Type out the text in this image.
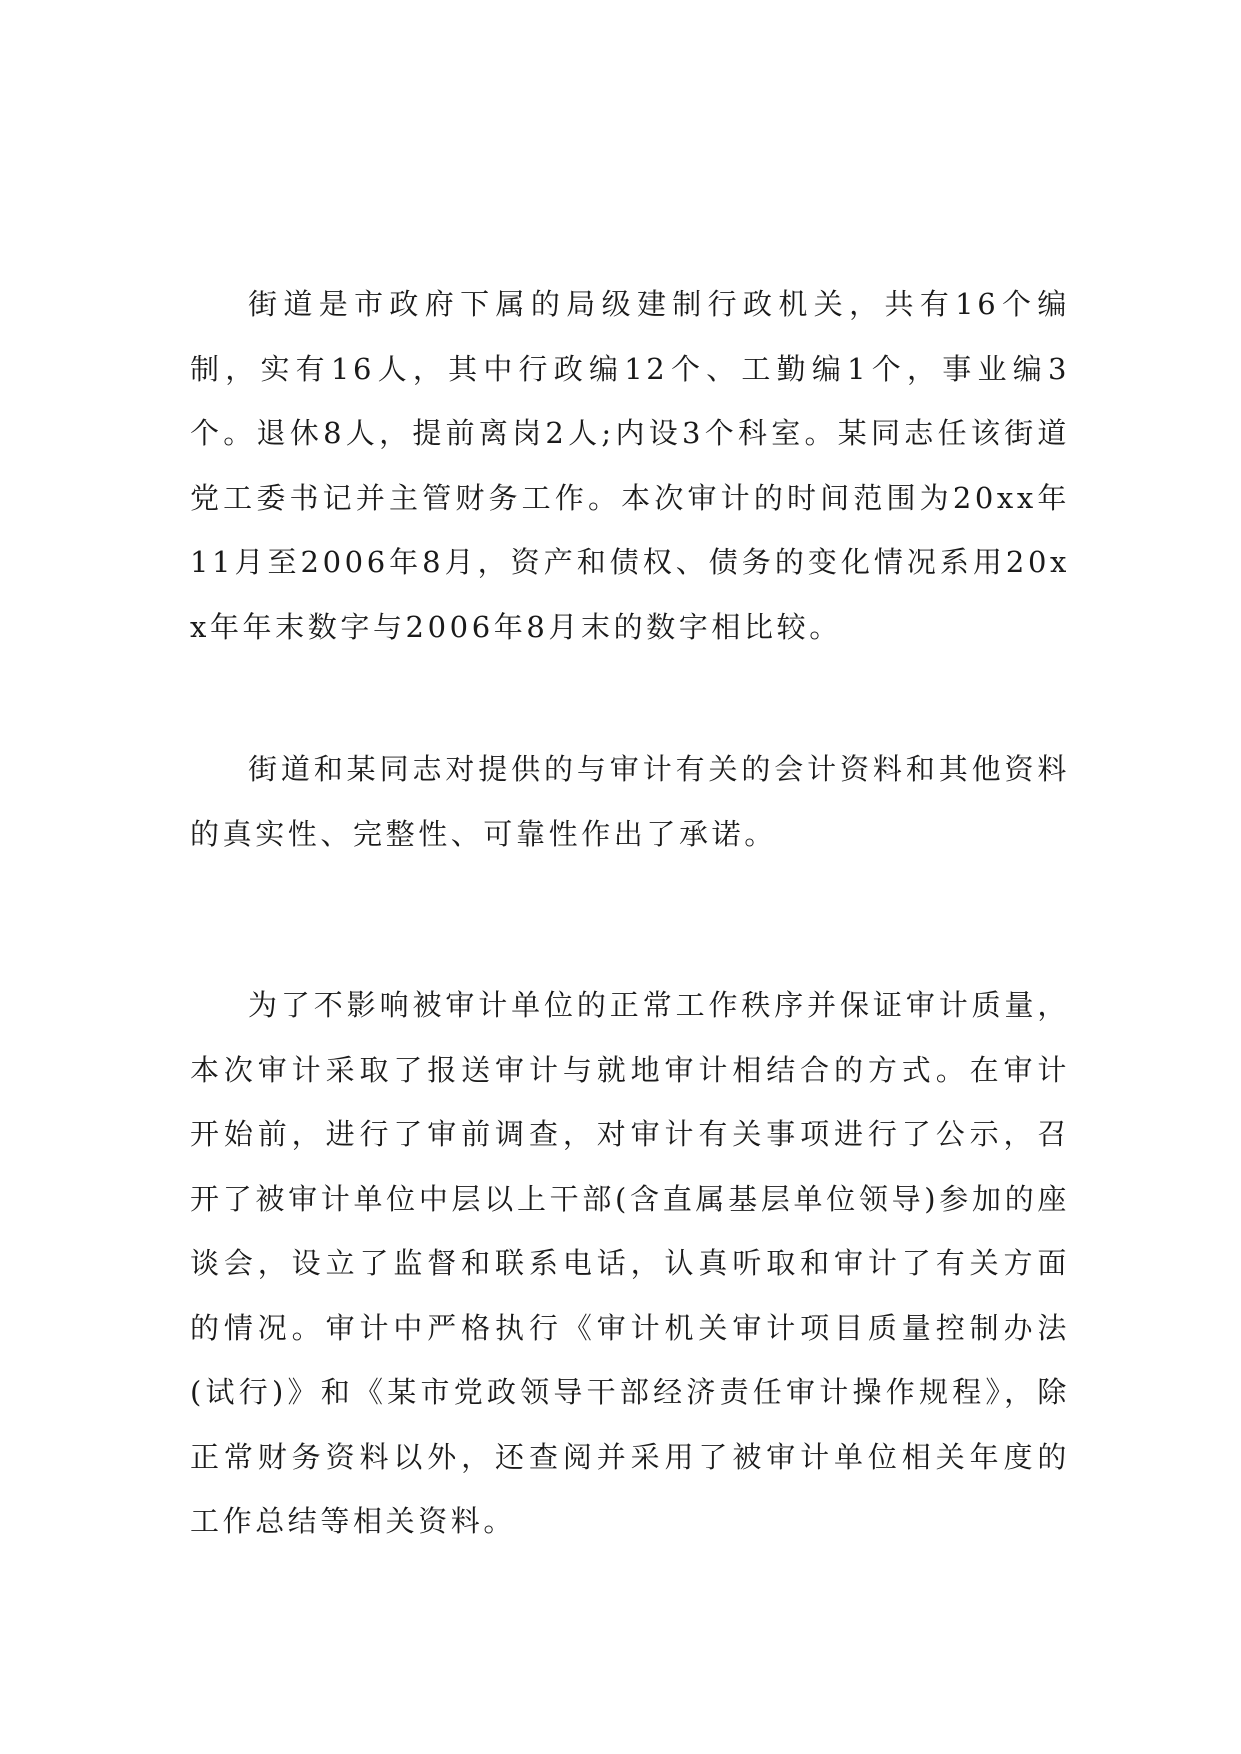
街道是市政府下属的局级建制行政机关，共有16个编制，实有16人，其中行政编12个、工勤编1个，事业编3个。退休8人，提前离岗2人;内设3个科室。某同志任该街道党工委书记并主管财务工作。本次审计的时间范围为20xx年11月至2006年8月，资产和债权、债务的变化情况系用20xx年年末数字与2006年8月末的数字相比较。

街道和某同志对提供的与审计有关的会计资料和其他资料的真实性、完整性、可靠性作出了承诺。

为了不影响被审计单位的正常工作秩序并保证审计质量，本次审计采取了报送审计与就地审计相结合的方式。在审计开始前，进行了审前调查，对审计有关事项进行了公示，召开了被审计单位中层以上干部(含直属基层单位领导)参加的座谈会，设立了监督和联系电话，认真听取和审计了有关方面的情况。审计中严格执行《审计机关审计项目质量控制办法(试行)》和《某市党政领导干部经济责任审计操作规程》，除正常财务资料以外，还查阅并采用了被审计单位相关年度的工作总结等相关资料。
